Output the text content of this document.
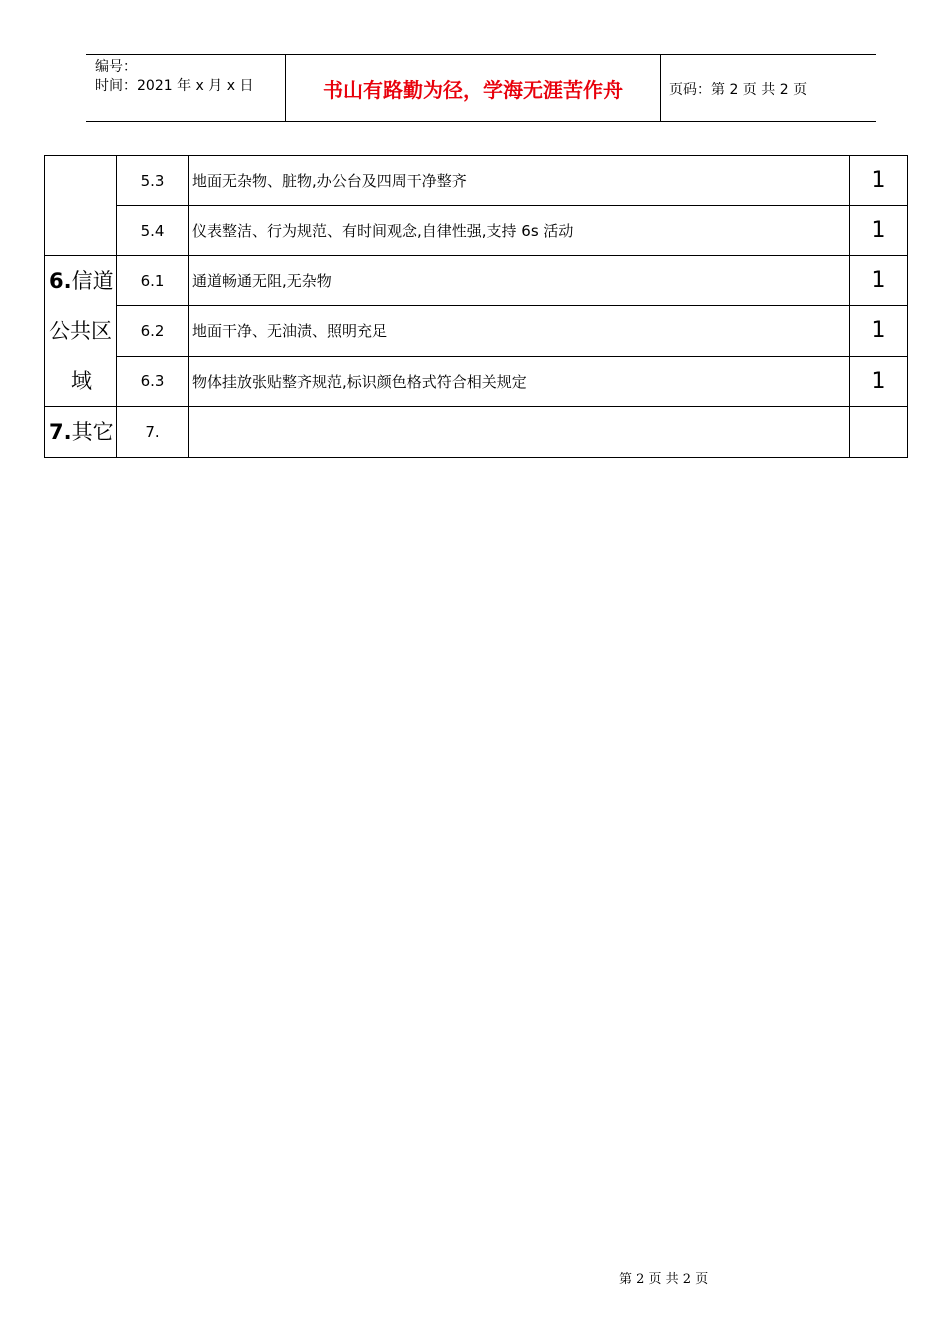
编号：
时间：2021 年 x 月 x 日	书山有路勤为径，学海无涯苦作舟	页码：第 2 页 共 2 页
	5.3	地面无杂物、脏物,办公台及四周干净整齐	1
	5.4	仪表整洁、行为规范、有时间观念,自律性强,支持 6s 活动	1

6.信道
公共区
域	6.1	通道畅通无阻,无杂物	1
	6.2	地面干净、无油渍、照明充足	1
	6.3	物体挂放张贴整齐规范,标识颜色格式符合相关规定	1

7.其它	7.		
第 2 页 共 2 页
